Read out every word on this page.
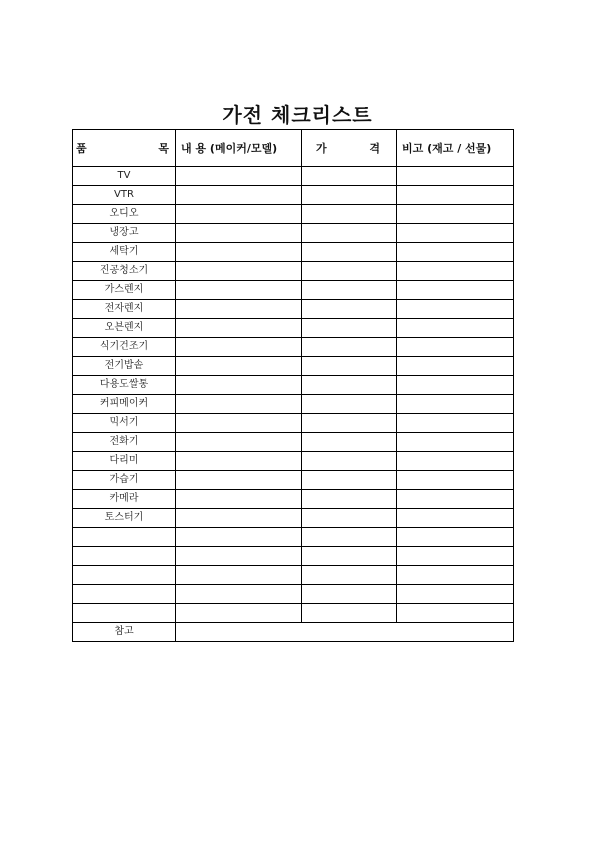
가전 체크리스트
품 목	내 용 (메이커/모델)	가 격	비고 (재고 / 선물)
TV			
VTR			
오디오			
냉장고			
세탁기			
진공청소기			
가스렌지			
전자렌지			
오븐렌지			
식기건조기			
전기밥솥			
다용도쌀통			
커피메이커			
믹서기			
전화기			
다리미			
가습기			
카메라			
토스터기			

참고			
